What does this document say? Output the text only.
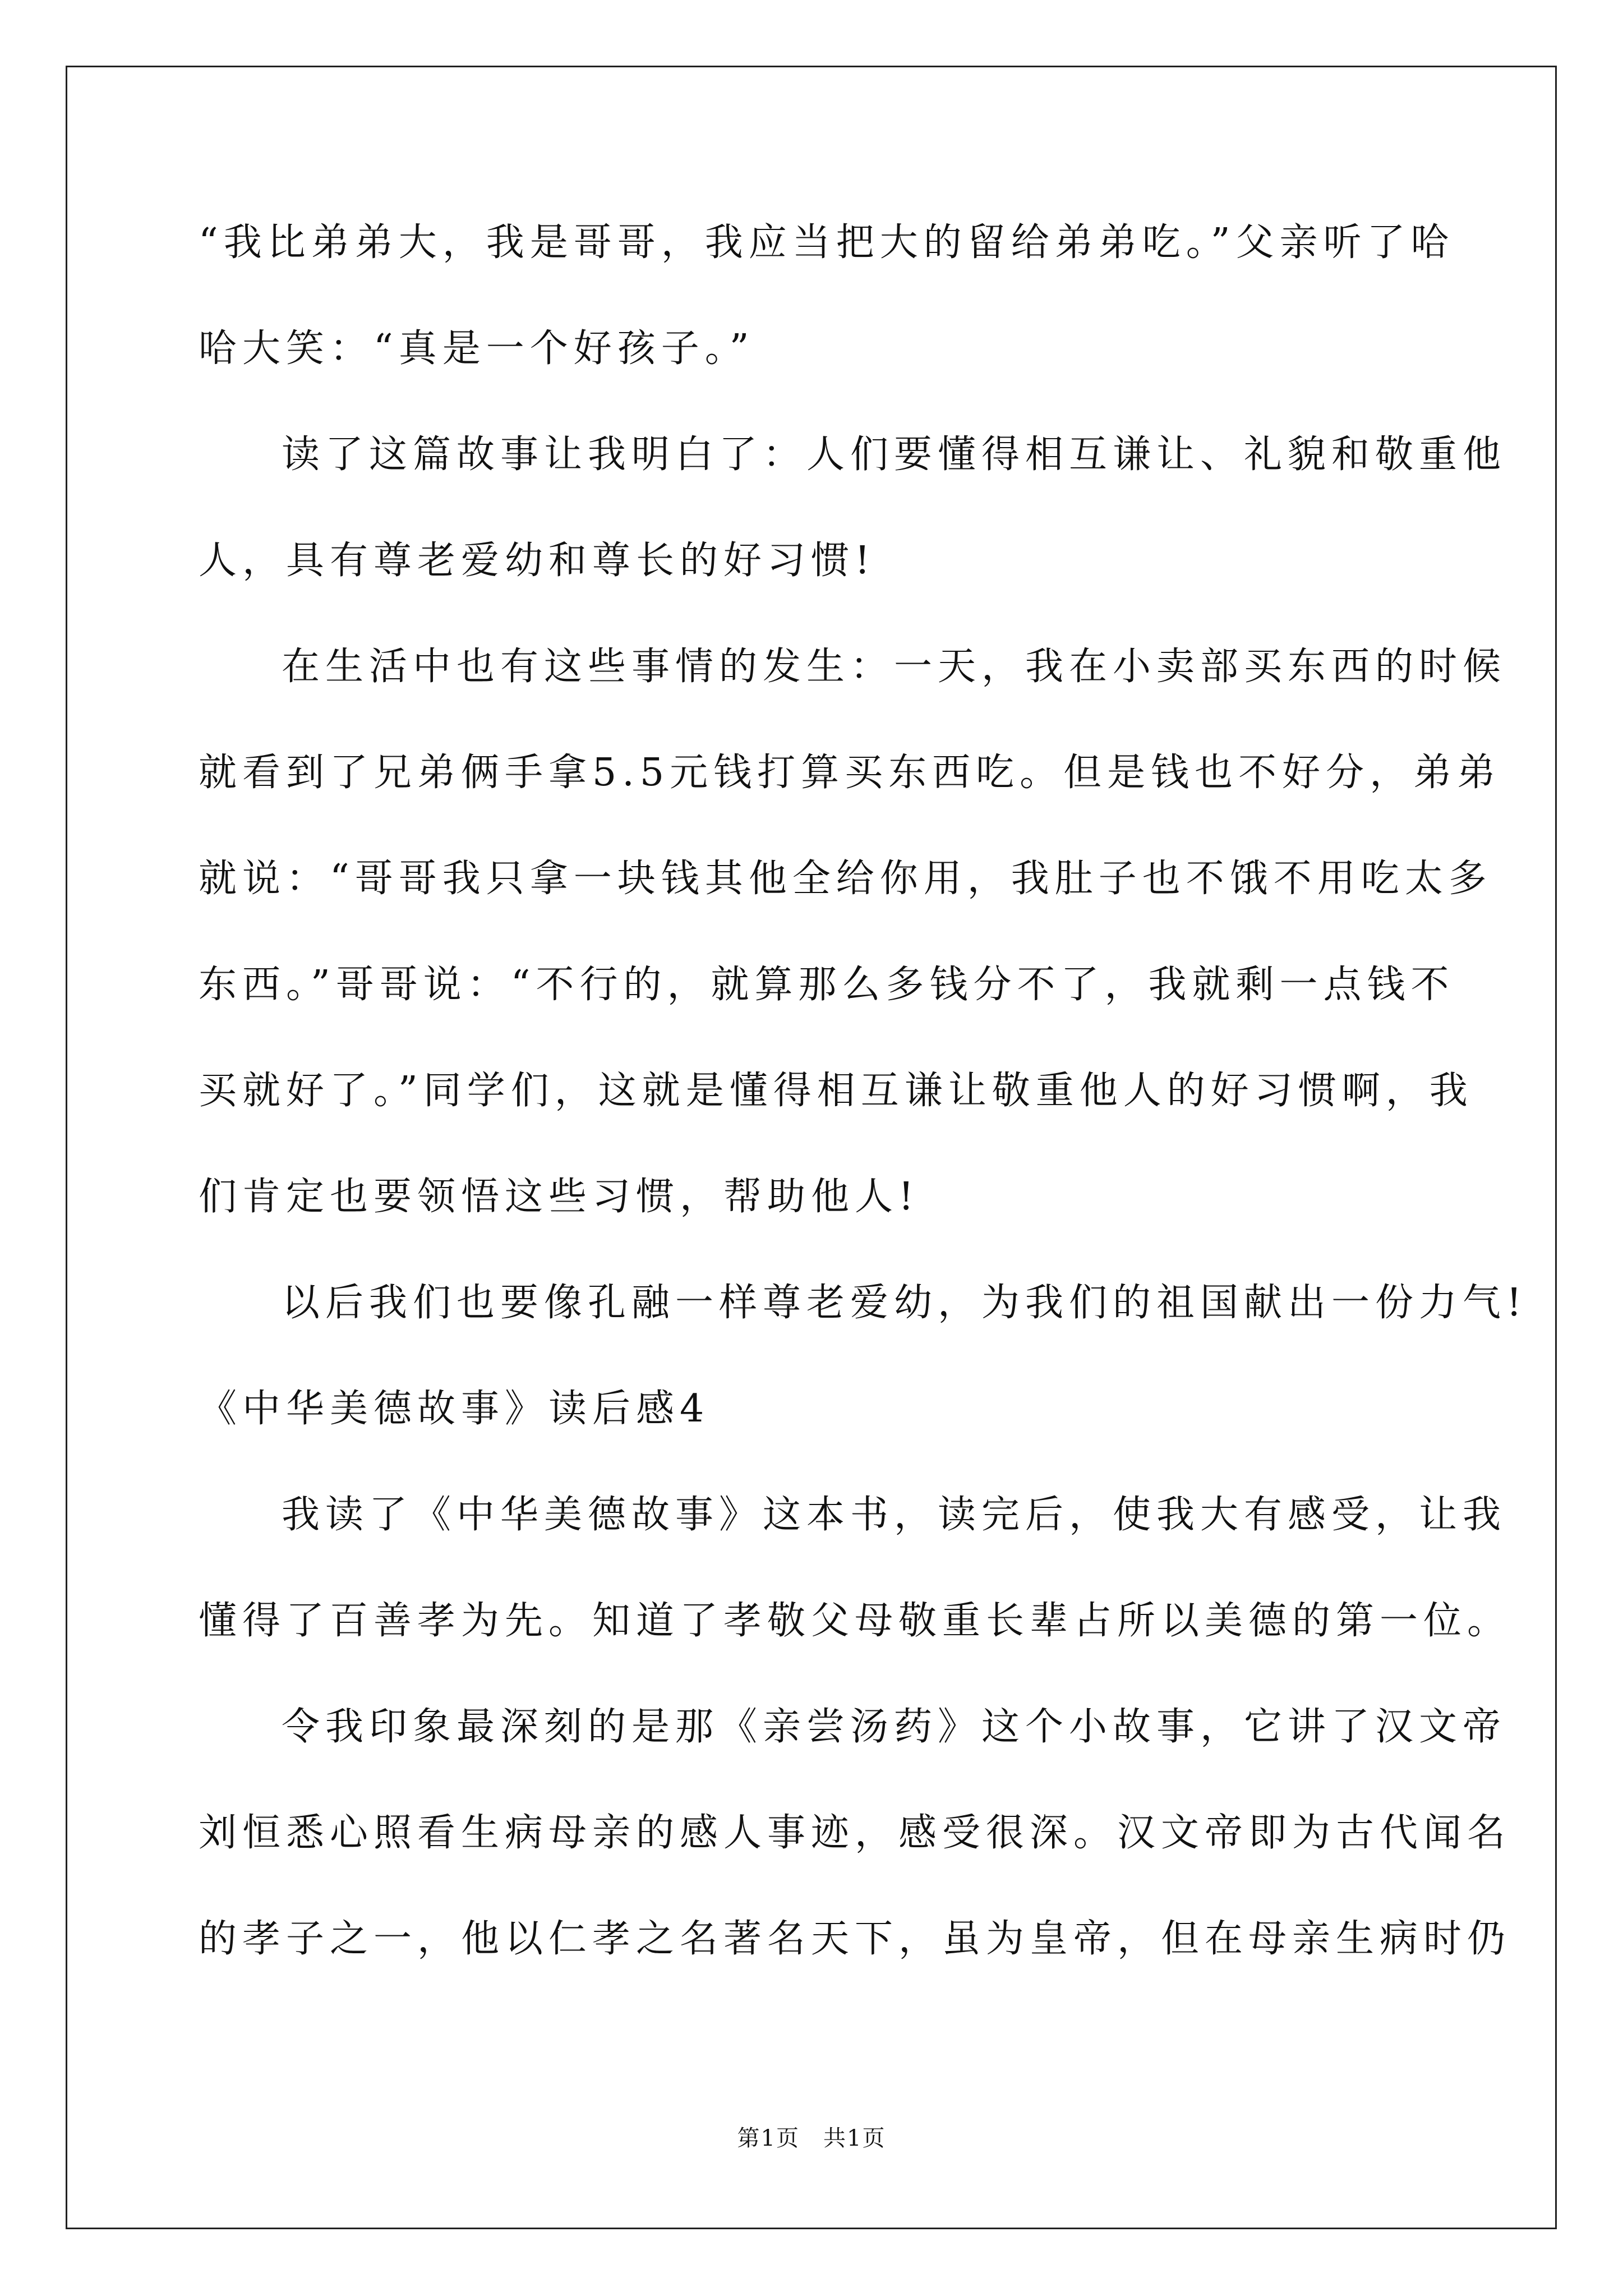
“我比弟弟大，我是哥哥，我应当把大的留给弟弟吃。”父亲听了哈
哈大笑：“真是一个好孩子。”
读了这篇故事让我明白了：人们要懂得相互谦让、礼貌和敬重他
人，具有尊老爱幼和尊长的好习惯!
在生活中也有这些事情的发生：一天，我在小卖部买东西的时候
就看到了兄弟俩手拿5.5元钱打算买东西吃。但是钱也不好分，弟弟
就说：“哥哥我只拿一块钱其他全给你用，我肚子也不饿不用吃太多
东西。”哥哥说：“不行的，就算那么多钱分不了，我就剩一点钱不
买就好了。”同学们，这就是懂得相互谦让敬重他人的好习惯啊，我
们肯定也要领悟这些习惯，帮助他人!
以后我们也要像孔融一样尊老爱幼，为我们的祖国献出一份力气!
《中华美德故事》读后感4
我读了《中华美德故事》这本书，读完后，使我大有感受，让我
懂得了百善孝为先。知道了孝敬父母敬重长辈占所以美德的第一位。
令我印象最深刻的是那《亲尝汤药》这个小故事，它讲了汉文帝
刘恒悉心照看生病母亲的感人事迹，感受很深。汉文帝即为古代闻名
的孝子之一，他以仁孝之名著名天下，虽为皇帝，但在母亲生病时仍
第1页　共1页
